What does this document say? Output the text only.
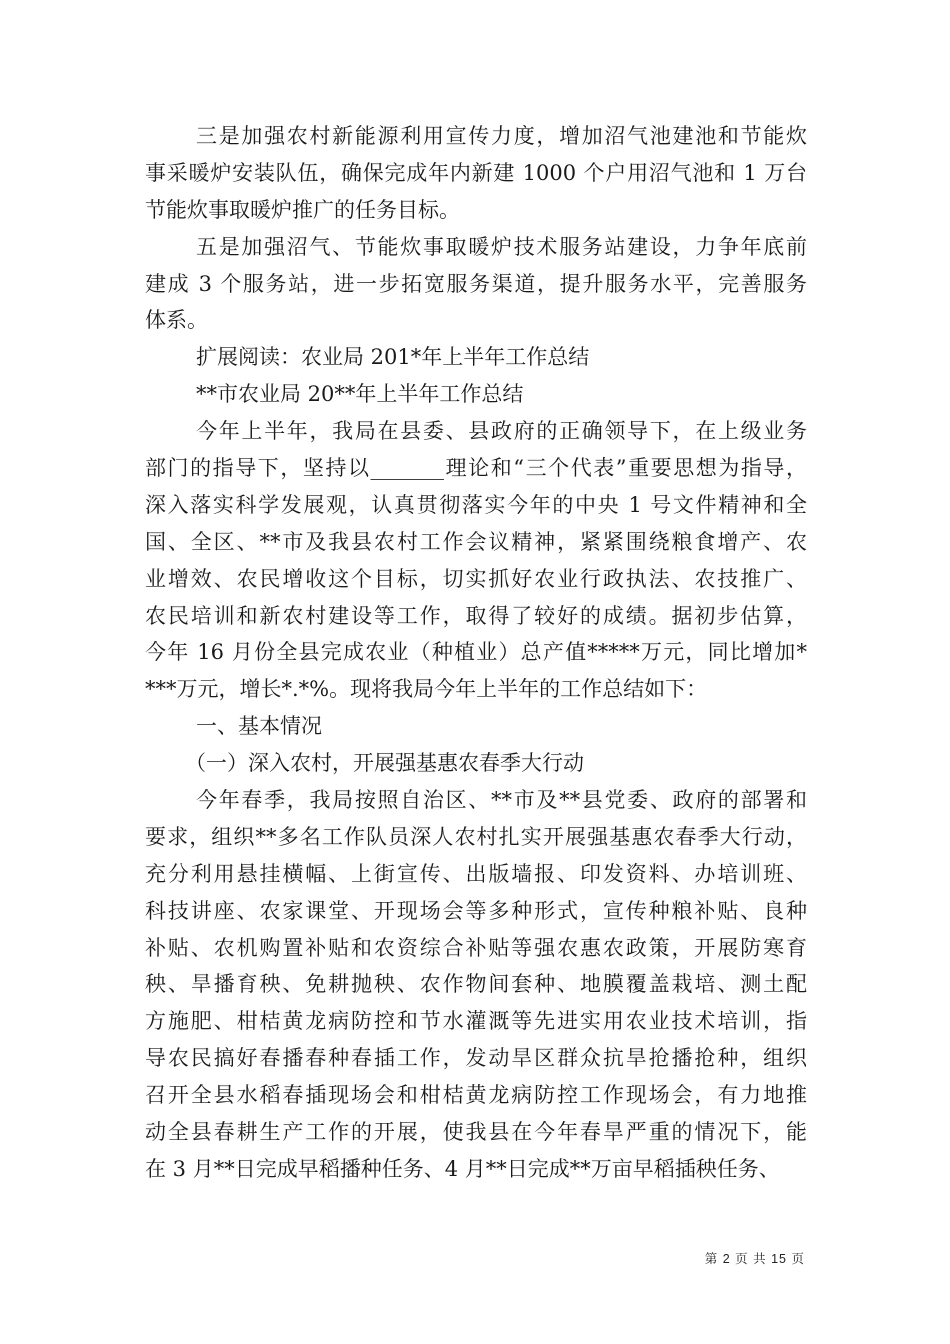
三是加强农村新能源利用宣传力度，增加沼气池建池和节能炊
事采暖炉安装队伍，确保完成年内新建 1000 个户用沼气池和 1 万台
节能炊事取暖炉推广的任务目标。
五是加强沼气、节能炊事取暖炉技术服务站建设，力争年底前
建成 3 个服务站，进一步拓宽服务渠道，提升服务水平，完善服务
体系。
扩展阅读：农业局 201*年上半年工作总结
**市农业局 20**年上半年工作总结
今年上半年，我局在县委、县政府的正确领导下，在上级业务
部门的指导下，坚持以_______理论和“三个代表”重要思想为指导，
深入落实科学发展观，认真贯彻落实今年的中央 1 号文件精神和全
国、全区、**市及我县农村工作会议精神，紧紧围绕粮食增产、农
业增效、农民增收这个目标，切实抓好农业行政执法、农技推广、
农民培训和新农村建设等工作，取得了较好的成绩。据初步估算，
今年 16 月份全县完成农业（种植业）总产值*****万元，同比增加*
***万元，增长*.*%。现将我局今年上半年的工作总结如下：
一、基本情况
（一）深入农村，开展强基惠农春季大行动
今年春季，我局按照自治区、**市及**县党委、政府的部署和
要求，组织**多名工作队员深人农村扎实开展强基惠农春季大行动，
充分利用悬挂横幅、上街宣传、出版墙报、印发资料、办培训班、
科技讲座、农家课堂、开现场会等多种形式，宣传种粮补贴、良种
补贴、农机购置补贴和农资综合补贴等强农惠农政策，开展防寒育
秧、旱播育秧、免耕抛秧、农作物间套种、地膜覆盖栽培、测土配
方施肥、柑桔黄龙病防控和节水灌溉等先进实用农业技术培训，指
导农民搞好春播春种春插工作，发动旱区群众抗旱抢播抢种，组织
召开全县水稻春插现场会和柑桔黄龙病防控工作现场会，有力地推
动全县春耕生产工作的开展，使我县在今年春旱严重的情况下，能
在 3 月**日完成早稻播种任务、4 月**日完成**万亩早稻插秧任务、
第 2 页 共 15 页
